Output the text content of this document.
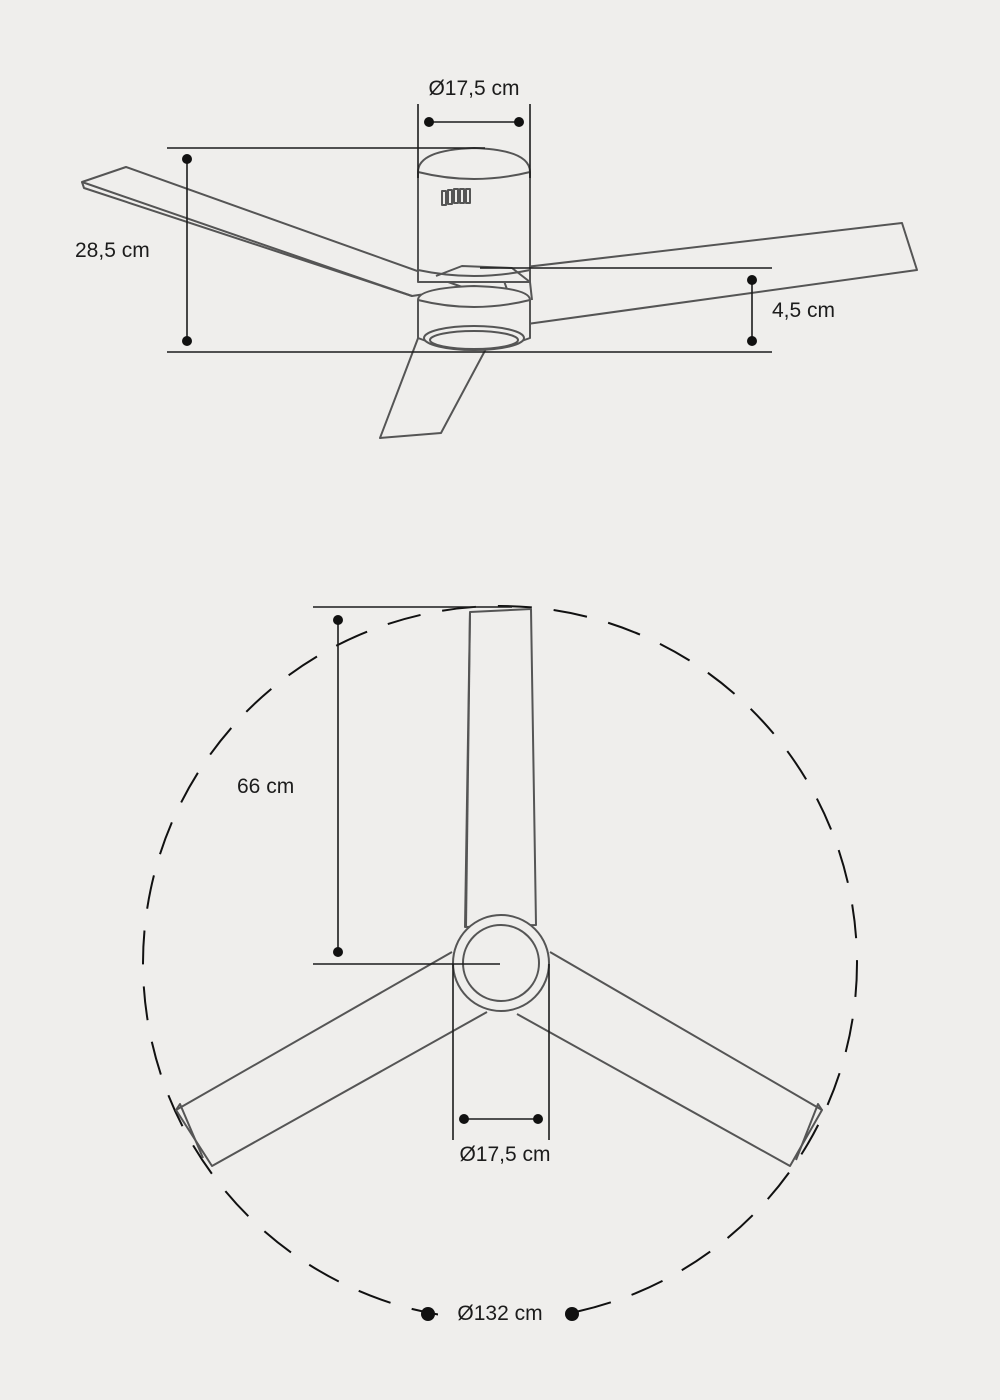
Ø17,5 cm
28,5 cm
4,5 cm
66 cm
Ø17,5 cm
Ø132 cm
